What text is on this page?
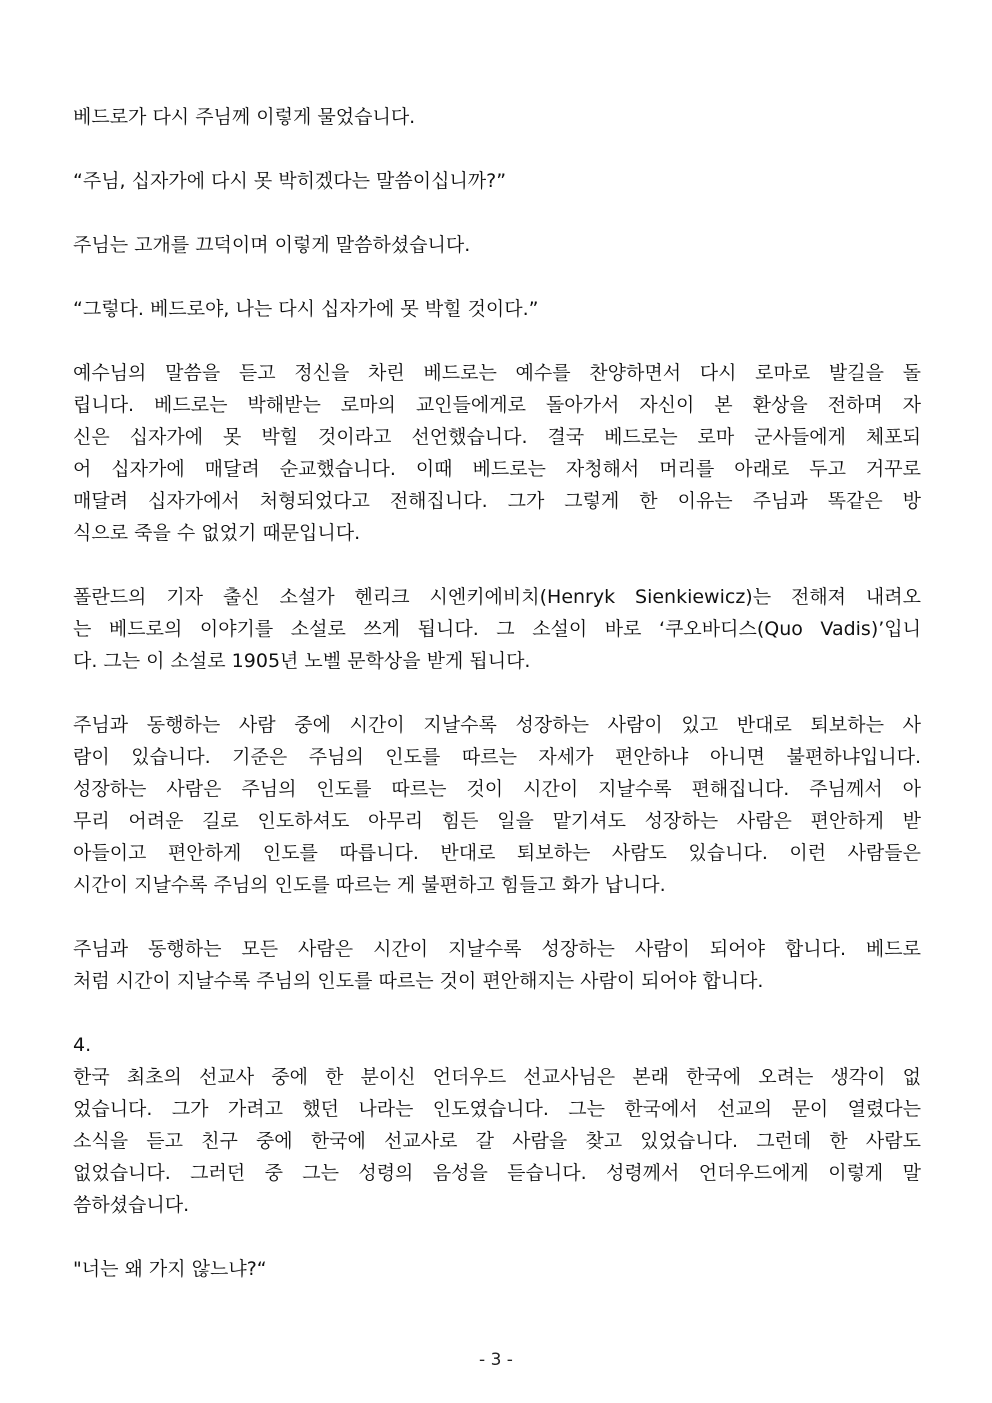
베드로가 다시 주님께 이렇게 물었습니다.
“주님, 십자가에 다시 못 박히겠다는 말씀이십니까?”
주님는 고개를 끄덕이며 이렇게 말씀하셨습니다.
“그렇다. 베드로야, 나는 다시 십자가에 못 박힐 것이다.”
예수님의 말씀을 듣고 정신을 차린 베드로는 예수를 찬양하면서 다시 로마로 발길을 돌
립니다. 베드로는 박해받는 로마의 교인들에게로 돌아가서 자신이 본 환상을 전하며 자
신은 십자가에 못 박힐 것이라고 선언했습니다. 결국 베드로는 로마 군사들에게 체포되
어 십자가에 매달려 순교했습니다. 이때 베드로는 자청해서 머리를 아래로 두고 거꾸로
매달려 십자가에서 처형되었다고 전해집니다. 그가 그렇게 한 이유는 주님과 똑같은 방
식으로 죽을 수 없었기 때문입니다.
폴란드의 기자 출신 소설가 헨리크 시엔키에비치(Henryk Sienkiewicz)는 전해져 내려오
는 베드로의 이야기를 소설로 쓰게 됩니다. 그 소설이 바로 ‘쿠오바디스(Quo Vadis)’입니
다. 그는 이 소설로 1905년 노벨 문학상을 받게 됩니다.
주님과 동행하는 사람 중에 시간이 지날수록 성장하는 사람이 있고 반대로 퇴보하는 사
람이 있습니다. 기준은 주님의 인도를 따르는 자세가 편안하냐 아니면 불편하냐입니다.
성장하는 사람은 주님의 인도를 따르는 것이 시간이 지날수록 편해집니다. 주님께서 아
무리 어려운 길로 인도하셔도 아무리 힘든 일을 맡기셔도 성장하는 사람은 편안하게 받
아들이고 편안하게 인도를 따릅니다. 반대로 퇴보하는 사람도 있습니다. 이런 사람들은
시간이 지날수록 주님의 인도를 따르는 게 불편하고 힘들고 화가 납니다.
주님과 동행하는 모든 사람은 시간이 지날수록 성장하는 사람이 되어야 합니다. 베드로
처럼 시간이 지날수록 주님의 인도를 따르는 것이 편안해지는 사람이 되어야 합니다.
4.
한국 최초의 선교사 중에 한 분이신 언더우드 선교사님은 본래 한국에 오려는 생각이 없
었습니다. 그가 가려고 했던 나라는 인도였습니다. 그는 한국에서 선교의 문이 열렸다는
소식을 듣고 친구 중에 한국에 선교사로 갈 사람을 찾고 있었습니다. 그런데 한 사람도
없었습니다. 그러던 중 그는 성령의 음성을 듣습니다. 성령께서 언더우드에게 이렇게 말
씀하셨습니다.
"너는 왜 가지 않느냐?“
- 3 -
